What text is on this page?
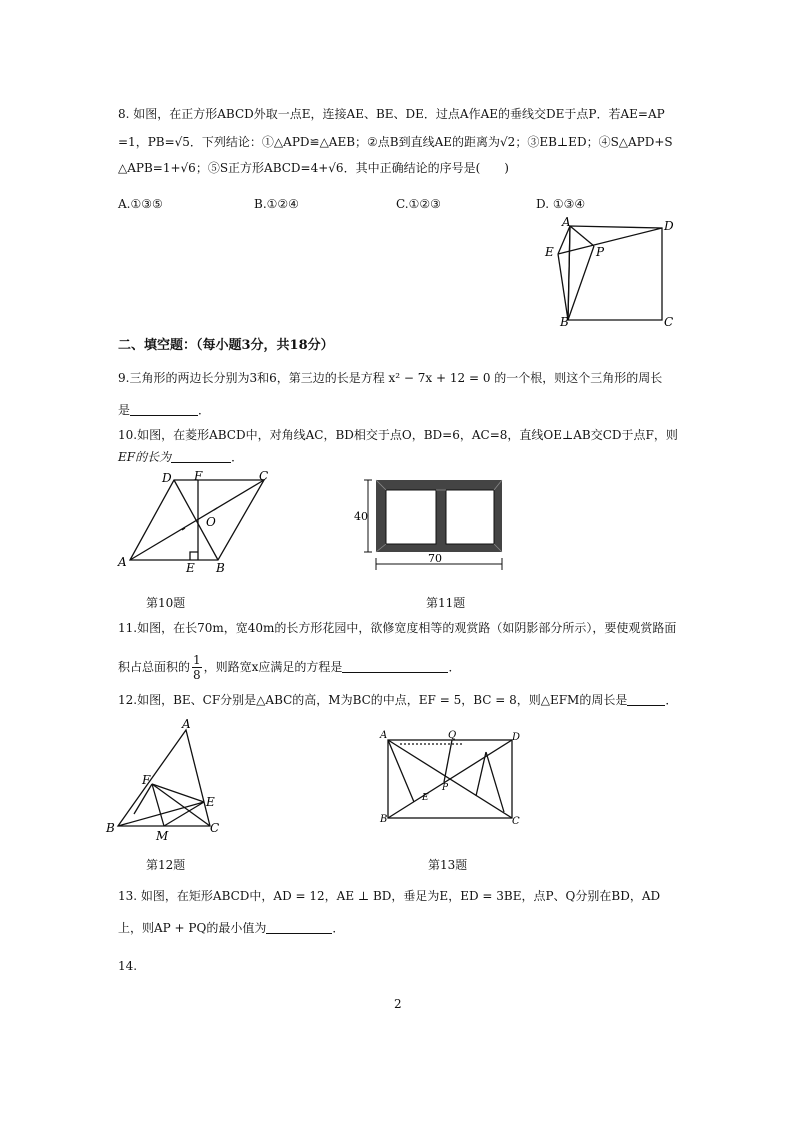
8. 如图，在正方形ABCD外取一点E，连接AE、BE、DE．过点A作AE的垂线交DE于点P．若AE=AP
=1，PB=√5．下列结论：①△APD≌△AEB；②点B到直线AE的距离为√2；③EB⊥ED；④S△APD+S
△APB=1+√6；⑤S正方形ABCD=4+√6．其中正确结论的序号是(　　)
A.①③⑤	B.①②④	C.①②③	D. ①③④
A	D
E	P
B	C
二、填空题：（每小题3分，共18分）
9.三角形的两边长分别为3和6，第三边的长是方程 x² − 7x + 12 = 0 的一个根，则这个三角形的周长
是	．
10.如图，在菱形ABCD中，对角线AC，BD相交于点O，BD=6，AC=8，直线OE⊥AB交CD于点F，则
EF的长为	．
D F	C
O
A	E B
第10题
40
70
第11题
11.如图，在长70m，宽40m的长方形花园中，欲修宽度相等的观赏路（如阴影部分所示），要使观赏路面
积占总面积的 $\frac{1}{8}$ ，则路宽x应满足的方程是	．
12.如图，BE、CF分别是△ABC的高，M为BC的中点，EF = 5，BC = 8，则△EFM的周长是	．
A
F
E
B
M
C
第12题
A	Q	D
E
P
B	C
第13题
13. 如图，在矩形ABCD中，AD = 12，AE ⊥ BD，垂足为E，ED = 3BE，点P、Q分别在BD，AD
上，则AP + PQ的最小值为	．
14.
2
